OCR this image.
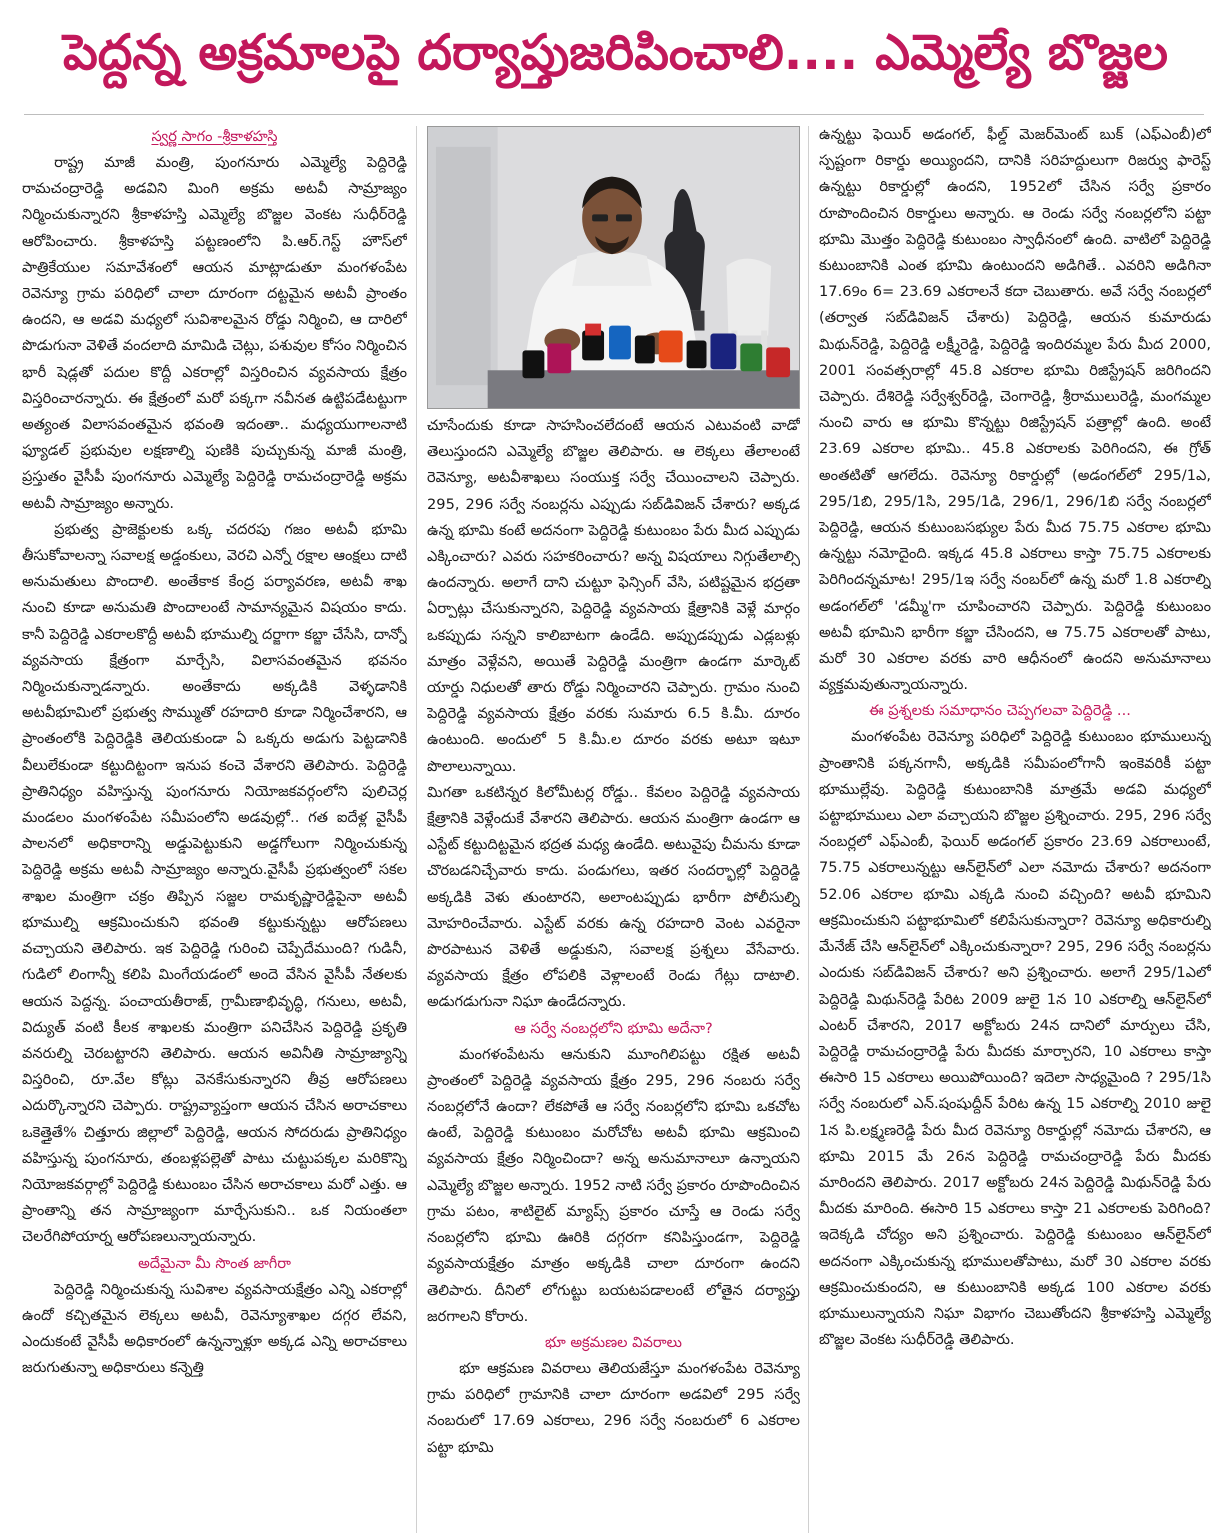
పెద్దన్న అక్రమాలపై దర్యాప్తుజరిపించాలి.... ఎమ్మెల్యే బొజ్జల
స్వర్ణ సాగం -శ్రీకాళహస్తి

రాష్ట్ర మాజీ మంత్రి, పుంగనూరు ఎమ్మెల్యే పెద్దిరెడ్డి రామచంద్రారెడ్డి అడవిని మింగి అక్రమ అటవీ సామ్రాజ్యం నిర్మించుకున్నారని శ్రీకాళహస్తి ఎమ్మెల్యే బొజ్జల వెంకట సుధీర్‌రెడ్డి ఆరోపించారు. శ్రీకాళహస్తి పట్టణంలోని పి.ఆర్.గెస్ట్ హౌస్‌లో పాత్రికేయుల సమావేశంలో ఆయన మాట్లాడుతూ మంగళంపేట రెవెన్యూ గ్రామ పరిధిలో చాలా దూరంగా దట్టమైన అటవీ ప్రాంతం ఉందని, ఆ అడవి మధ్యలో సువిశాలమైన రోడ్డు నిర్మించి, ఆ దారిలో పొడుగునా వెళితే వందలాది మామిడి చెట్లు, పశువుల కోసం నిర్మించిన భారీ షెడ్లతో పదుల కొద్దీ ఎకరాల్లో విస్తరించిన వ్యవసాయ క్షేత్రం విస్తరించారన్నారు. ఈ క్షేత్రంలో మరో పక్కగా నవీనత ఉట్టిపడేటట్టుగా అత్యంత విలాసవంతమైన భవంతి ఇదంతా.. మధ్యయుగాలనాటి ఫ్యూడల్ ప్రభువుల లక్షణాల్ని పుణికి పుచ్చుకున్న మాజీ మంత్రి, ప్రస్తుతం వైసీపీ పుంగనూరు ఎమ్మెల్యే పెద్దిరెడ్డి రామచంద్రారెడ్డి అక్రమ అటవీ సామ్రాజ్యం అన్నారు.

ప్రభుత్వ ప్రాజెక్టులకు ఒక్క చదరపు గజం అటవీ భూమి తీసుకోవాలన్నా సవాలక్ష అడ్డంకులు, వెరచి ఎన్నో రక్షాల ఆంక్షలు దాటి అనుమతులు పొందాలి. అంతేకాక కేంద్ర పర్యావరణ, అటవీ శాఖ నుంచి కూడా అనుమతి పొందాలంటే సామాన్యమైన విషయం కాదు. కానీ పెద్దిరెడ్డి ఎకరాలకొద్దీ అటవీ భూముల్ని దర్జాగా కబ్జా చేసేసి, దాన్నో వ్యవసాయ క్షేత్రంగా మార్చేసి, విలాసవంతమైన భవనం నిర్మించుకున్నాడన్నారు. అంతేకాదు అక్కడికి వెళ్ళడానికి అటవీభూమిలో ప్రభుత్వ సొమ్ముతో రహదారి కూడా నిర్మించేశారని, ఆ ప్రాంతంలోకి పెద్దిరెడ్డికి తెలియకుండా ఏ ఒక్కరు అడుగు పెట్టడానికి వీలులేకుండా కట్టుదిట్టంగా ఇనుప కంచె వేశారని తెలిపారు. పెద్దిరెడ్డి ప్రాతినిధ్యం వహిస్తున్న పుంగనూరు నియోజకవర్గంలోని పులిచెర్ల మండలం మంగళంపేట సమీపంలోని అడవుల్లో.. గత ఐదేళ్ల వైసీపీ పాలనలో అధికారాన్ని అడ్డుపెట్టుకుని అడ్డగోలుగా నిర్మించుకున్న పెద్దిరెడ్డి అక్రమ అటవీ సామ్రాజ్యం అన్నారు.వైసీపీ ప్రభుత్వంలో సకల శాఖల మంత్రిగా చక్రం తిప్పిన సజ్జల రామకృష్ణారెడ్డిపైనా అటవీ భూముల్ని ఆక్రమించుకుని భవంతి కట్టుకున్నట్టు ఆరోపణలు వచ్చాయని తెలిపారు. ఇక పెద్దిరెడ్డి గురించి చెప్పేదేముంది? గుడినీ, గుడిలో లింగాన్నీ కలిపి మింగేయడంలో అందె వేసిన వైసీపీ నేతలకు ఆయన పెద్దన్న. పంచాయతీరాజ్, గ్రామీణాభివృద్ధి, గనులు, అటవీ, విద్యుత్ వంటి కీలక శాఖలకు మంత్రిగా పనిచేసిన పెద్దిరెడ్డి ప్రకృతి వనరుల్ని చెరబట్టారని తెలిపారు. ఆయన అవినీతి సామ్రాజ్యాన్ని విస్తరించి, రూ.వేల కోట్లు వెనకేసుకున్నారని తీవ్ర ఆరోపణలు ఎదుర్కొన్నారని చెప్పారు. రాష్ట్రవ్యాప్తంగా ఆయన చేసిన అరాచకాలు ఒకెత్తైతే% చిత్తూరు జిల్లాలో పెద్దిరెడ్డి, ఆయన సోదరుడు ప్రాతినిధ్యం వహిస్తున్న పుంగనూరు, తంబళ్లపల్లెతో పాటు చుట్టుపక్కల మరికొన్ని నియోజకవర్గాల్లో పెద్దిరెడ్డి కుటుంబం చేసిన అరాచకాలు మరో ఎత్తు. ఆ ప్రాంతాన్ని తన సామ్రాజ్యంగా మార్చేసుకుని.. ఒక నియంతలా చెలరేగిపోయార్న ఆరోపణలున్నాయన్నారు.

అదేమైనా మీ సొంత జాగీరా

పెద్దిరెడ్డి నిర్మించుకున్న సువిశాల వ్యవసాయక్షేత్రం ఎన్ని ఎకరాల్లో ఉందో కచ్చితమైన లెక్కలు అటవీ, రెవెన్యూశాఖల దగ్గర లేవని, ఎందుకంటే వైసీపీ అధికారంలో ఉన్నన్నాళ్లూ అక్కడ ఎన్ని అరాచకాలు జరుగుతున్నా అధికారులు కన్నెత్తి

చూసేందుకు కూడా సాహసించలేదంటే ఆయన ఎటువంటి వాడో తెలుస్తుందని ఎమ్మెల్యే బొజ్జల తెలిపారు. ఆ లెక్కలు తేలాలంటే రెవెన్యూ, అటవీశాఖలు సంయుక్త సర్వే చేయించాలని చెప్పారు. 295, 296 సర్వే నంబర్లను ఎప్పుడు సబ్‌డివిజన్ చేశారు? అక్కడ ఉన్న భూమి కంటే అదనంగా పెద్దిరెడ్డి కుటుంబం పేరు మీద ఎప్పుడు ఎక్కించారు? ఎవరు సహకరించారు? అన్న విషయాలు నిగ్గుతేలాల్సి ఉందన్నారు. అలాగే దాని చుట్టూ ఫెన్సింగ్ వేసి, పటిష్టమైన భద్రతా ఏర్పాట్లు చేసుకున్నారని, పెద్దిరెడ్డి వ్యవసాయ క్షేత్రానికి వెళ్లే మార్గం ఒకప్పుడు సన్నని కాలిబాటగా ఉండేది. అప్పుడప్పుడు ఎడ్లబళ్లు మాత్రం వెళ్లేవని, అయితే పెద్దిరెడ్డి మంత్రిగా ఉండగా మార్కెట్ యార్డు నిధులతో తారు రోడ్డు నిర్మించారని చెప్పారు. గ్రామం నుంచి పెద్దిరెడ్డి వ్యవసాయ క్షేత్రం వరకు సుమారు 6.5 కి.మీ. దూరం ఉంటుంది. అందులో 5 కి.మీ.ల దూరం వరకు అటూ ఇటూ పొలాలున్నాయి.

మిగతా ఒకటిన్నర కిలోమీటర్ల రోడ్డు.. కేవలం పెద్దిరెడ్డి వ్యవసాయ క్షేత్రానికి వెళ్లేందుకే వేశారని తెలిపారు. ఆయన మంత్రిగా ఉండగా ఆ ఎస్టేట్ కట్టుదిట్టమైన భద్రత మధ్య ఉండేది. అటువైపు చీమను కూడా చొరబడనిచ్చేవారు కాదు. పండుగలు, ఇతర సందర్భాల్లో పెద్దిరెడ్డి అక్కడికి వెళు తుంటారని, అలాంటప్పుడు భారీగా పోలీసుల్ని మోహరించేవారు. ఎస్టేట్ వరకు ఉన్న రహదారి వెంట ఎవరైనా పొరపాటున వెళితే అడ్డుకుని, సవాలక్ష ప్రశ్నలు వేసేవారు. వ్యవసాయ క్షేత్రం లోపలికి వెళ్లాలంటే రెండు గేట్లు దాటాలి. అడుగడుగునా నిఘా ఉండేదన్నారు.

ఆ సర్వే నంబర్లలోని భూమి అదేనా?

మంగళంపేటను ఆనుకుని మూంగిలిపట్టు రక్షిత అటవీ ప్రాంతంలో పెద్దిరెడ్డి వ్యవసాయ క్షేత్రం 295, 296 నంబరు సర్వే నంబర్లలోనే ఉందా? లేకపోతే ఆ సర్వే నంబర్లలోని భూమి ఒకచోట ఉంటే, పెద్దిరెడ్డి కుటుంబం మరోచోట అటవీ భూమి ఆక్రమించి వ్యవసాయ క్షేత్రం నిర్మించిందా? అన్న అనుమానాలూ ఉన్నాయని ఎమ్మెల్యే బొజ్జల అన్నారు. 1952 నాటి సర్వే ప్రకారం రూపొందించిన గ్రామ పటం, శాటిలైట్ మ్యాప్స్ ప్రకారం చూస్తే ఆ రెండు సర్వే నంబర్లలోని భూమి ఊరికి దగ్గరగా కనిపిస్తుండగా, పెద్దిరెడ్డి వ్యవసాయక్షేత్రం మాత్రం అక్కడికి చాలా దూరంగా ఉందని తెలిపారు. దీనిలో లోగుట్టు బయటపడాలంటే లోతైన దర్యాప్తు జరగాలని కోరారు.

భూ అక్రమణల వివరాలు

భూ ఆక్రమణ వివరాలు తెలియజేస్తూ మంగళంపేట రెవెన్యూ గ్రామ పరిధిలో గ్రామానికి చాలా దూరంగా అడవిలో 295 సర్వే నంబరులో 17.69 ఎకరాలు, 296 సర్వే నంబరులో 6 ఎకరాల పట్టా భూమి

ఉన్నట్టు ఫెయిర్ అడంగల్, ఫీల్డ్ మెజర్‌మెంట్ బుక్ (ఎఫ్ఎంబీ)లో స్పష్టంగా రికార్డు అయ్యిందని, దానికి సరిహద్దులుగా రిజర్వు ఫారెస్ట్ ఉన్నట్టు రికార్డుల్లో ఉందని, 1952లో చేసిన సర్వే ప్రకారం రూపొందించిన రికార్డులు అన్నారు. ఆ రెండు సర్వే నంబర్లలోని పట్టా భూమి మొత్తం పెద్దిరెడ్డి కుటుంబం స్వాధీనంలో ఉంది. వాటిలో పెద్దిరెడ్డి కుటుంబానికి ఎంత భూమి ఉంటుందని అడిగితే.. ఎవరిని అడిగినా 17.69ం 6= 23.69 ఎకరాలనే కదా చెబుతారు. అవే సర్వే నంబర్లలో (తర్వాత సబ్‌డివిజన్ చేశారు) పెద్దిరెడ్డి, ఆయన కుమారుడు మిథున్‌రెడ్డి, పెద్దిరెడ్డి లక్ష్మీరెడ్డి, పెద్దిరెడ్డి ఇందిరమ్మల పేరు మీద 2000, 2001 సంవత్సరాల్లో 45.8 ఎకరాల భూమి రిజిస్ట్రేషన్ జరిగిందని చెప్పారు. దేశిరెడ్డి సర్వేశ్వర్‌రెడ్డి, చెంగారెడ్డి, శ్రీరాములురెడ్డి, మంగమ్మల నుంచి వారు ఆ భూమి కొన్నట్టు రిజిస్ట్రేషన్ పత్రాల్లో ఉంది. అంటే 23.69 ఎకరాల భూమి.. 45.8 ఎకరాలకు పెరిగిందని, ఈ గ్రోత్ అంతటితో ఆగలేదు. రెవెన్యూ రికార్డుల్లో (అడంగల్‌లో 295/1ఎ, 295/1బి, 295/1సి, 295/1డి, 296/1, 296/1బి సర్వే నంబర్లలో పెద్దిరెడ్డి, ఆయన కుటుంబసభ్యుల పేరు మీద 75.75 ఎకరాల భూమి ఉన్నట్టు నమోదైంది. ఇక్కడ 45.8 ఎకరాలు కాస్తా 75.75 ఎకరాలకు పెరిగిందన్నమాట! 295/1ఇ సర్వే నంబర్‌లో ఉన్న మరో 1.8 ఎకరాల్ని అడంగల్‌లో 'డమ్మీ'గా చూపించారని చెప్పారు. పెద్దిరెడ్డి కుటుంబం అటవీ భూమిని భారీగా కబ్జా చేసిందని, ఆ 75.75 ఎకరాలతో పాటు, మరో 30 ఎకరాల వరకు వారి ఆధీనంలో ఉందని అనుమానాలు వ్యక్తమవుతున్నాయన్నారు.

ఈ ప్రశ్నలకు సమాధానం చెప్పగలవా పెద్దిరెడ్డి ...

మంగళంపేట రెవెన్యూ పరిధిలో పెద్దిరెడ్డి కుటుంబం భూములున్న ప్రాంతానికి పక్కనగానీ, అక్కడికి సమీపంలోగానీ ఇంకెవరికీ పట్టా భూముల్లేవు. పెద్దిరెడ్డి కుటుంబానికి మాత్రమే అడవి మధ్యలో పట్టాభూములు ఎలా వచ్చాయని బొజ్జల ప్రశ్నించారు. 295, 296 సర్వే నంబర్లలో ఎఫ్ఎంబీ, ఫెయిర్ అడంగల్ ప్రకారం 23.69 ఎకరాలుంటే, 75.75 ఎకరాలున్నట్టు ఆన్‌లైన్‌లో ఎలా నమోదు చేశారు? అదనంగా 52.06 ఎకరాల భూమి ఎక్కడి నుంచి వచ్చింది? అటవీ భూమిని ఆక్రమించుకుని పట్టాభూమిలో కలిపేసుకున్నారా? రెవెన్యూ అధికారుల్ని మేనేజ్ చేసి ఆన్‌లైన్‌లో ఎక్కించుకున్నారా? 295, 296 సర్వే నంబర్లను ఎందుకు సబ్‌డివిజన్ చేశారు? అని ప్రశ్నించారు. అలాగే 295/1ఎలో పెద్దిరెడ్డి మిథున్‌రెడ్డి పేరిట 2009 జులై 1న 10 ఎకరాల్ని ఆన్‌లైన్‌లో ఎంటర్ చేశారని, 2017 అక్టోబరు 24న దానిలో మార్పులు చేసి, పెద్దిరెడ్డి రామచంద్రారెడ్డి పేరు మీదకు మార్చారని, 10 ఎకరాలు కాస్తా ఈసారి 15 ఎకరాలు అయిపోయింది? ఇదెలా సాధ్యమైంది ? 295/1సి సర్వే నంబరులో ఎన్.షంషుద్దీన్ పేరిట ఉన్న 15 ఎకరాల్ని 2010 జులై 1న పి.లక్ష్మణరెడ్డి పేరు మీద రెవెన్యూ రికార్డుల్లో నమోదు చేశారని, ఆ భూమి 2015 మే 26న పెద్దిరెడ్డి రామచంద్రారెడ్డి పేరు మీదకు మారిందని తెలిపారు. 2017 అక్టోబరు 24న పెద్దిరెడ్డి మిథున్‌రెడ్డి పేరు మీదకు మారింది. ఈసారి 15 ఎకరాలు కాస్తా 21 ఎకరాలకు పెరిగింది? ఇదెక్కడి చోద్యం అని ప్రశ్నించారు. పెద్దిరెడ్డి కుటుంబం ఆన్‌లైన్‌లో అదనంగా ఎక్కించుకున్న భూములతోపాటు, మరో 30 ఎకరాల వరకు ఆక్రమించుకుందని, ఆ కుటుంబానికి అక్కడ 100 ఎకరాల వరకు భూములున్నాయని నిఘా విభాగం చెబుతోందని శ్రీకాళహస్తి ఎమ్మెల్యే బొజ్జల వెంకట సుధీర్‌రెడ్డి తెలిపారు.
